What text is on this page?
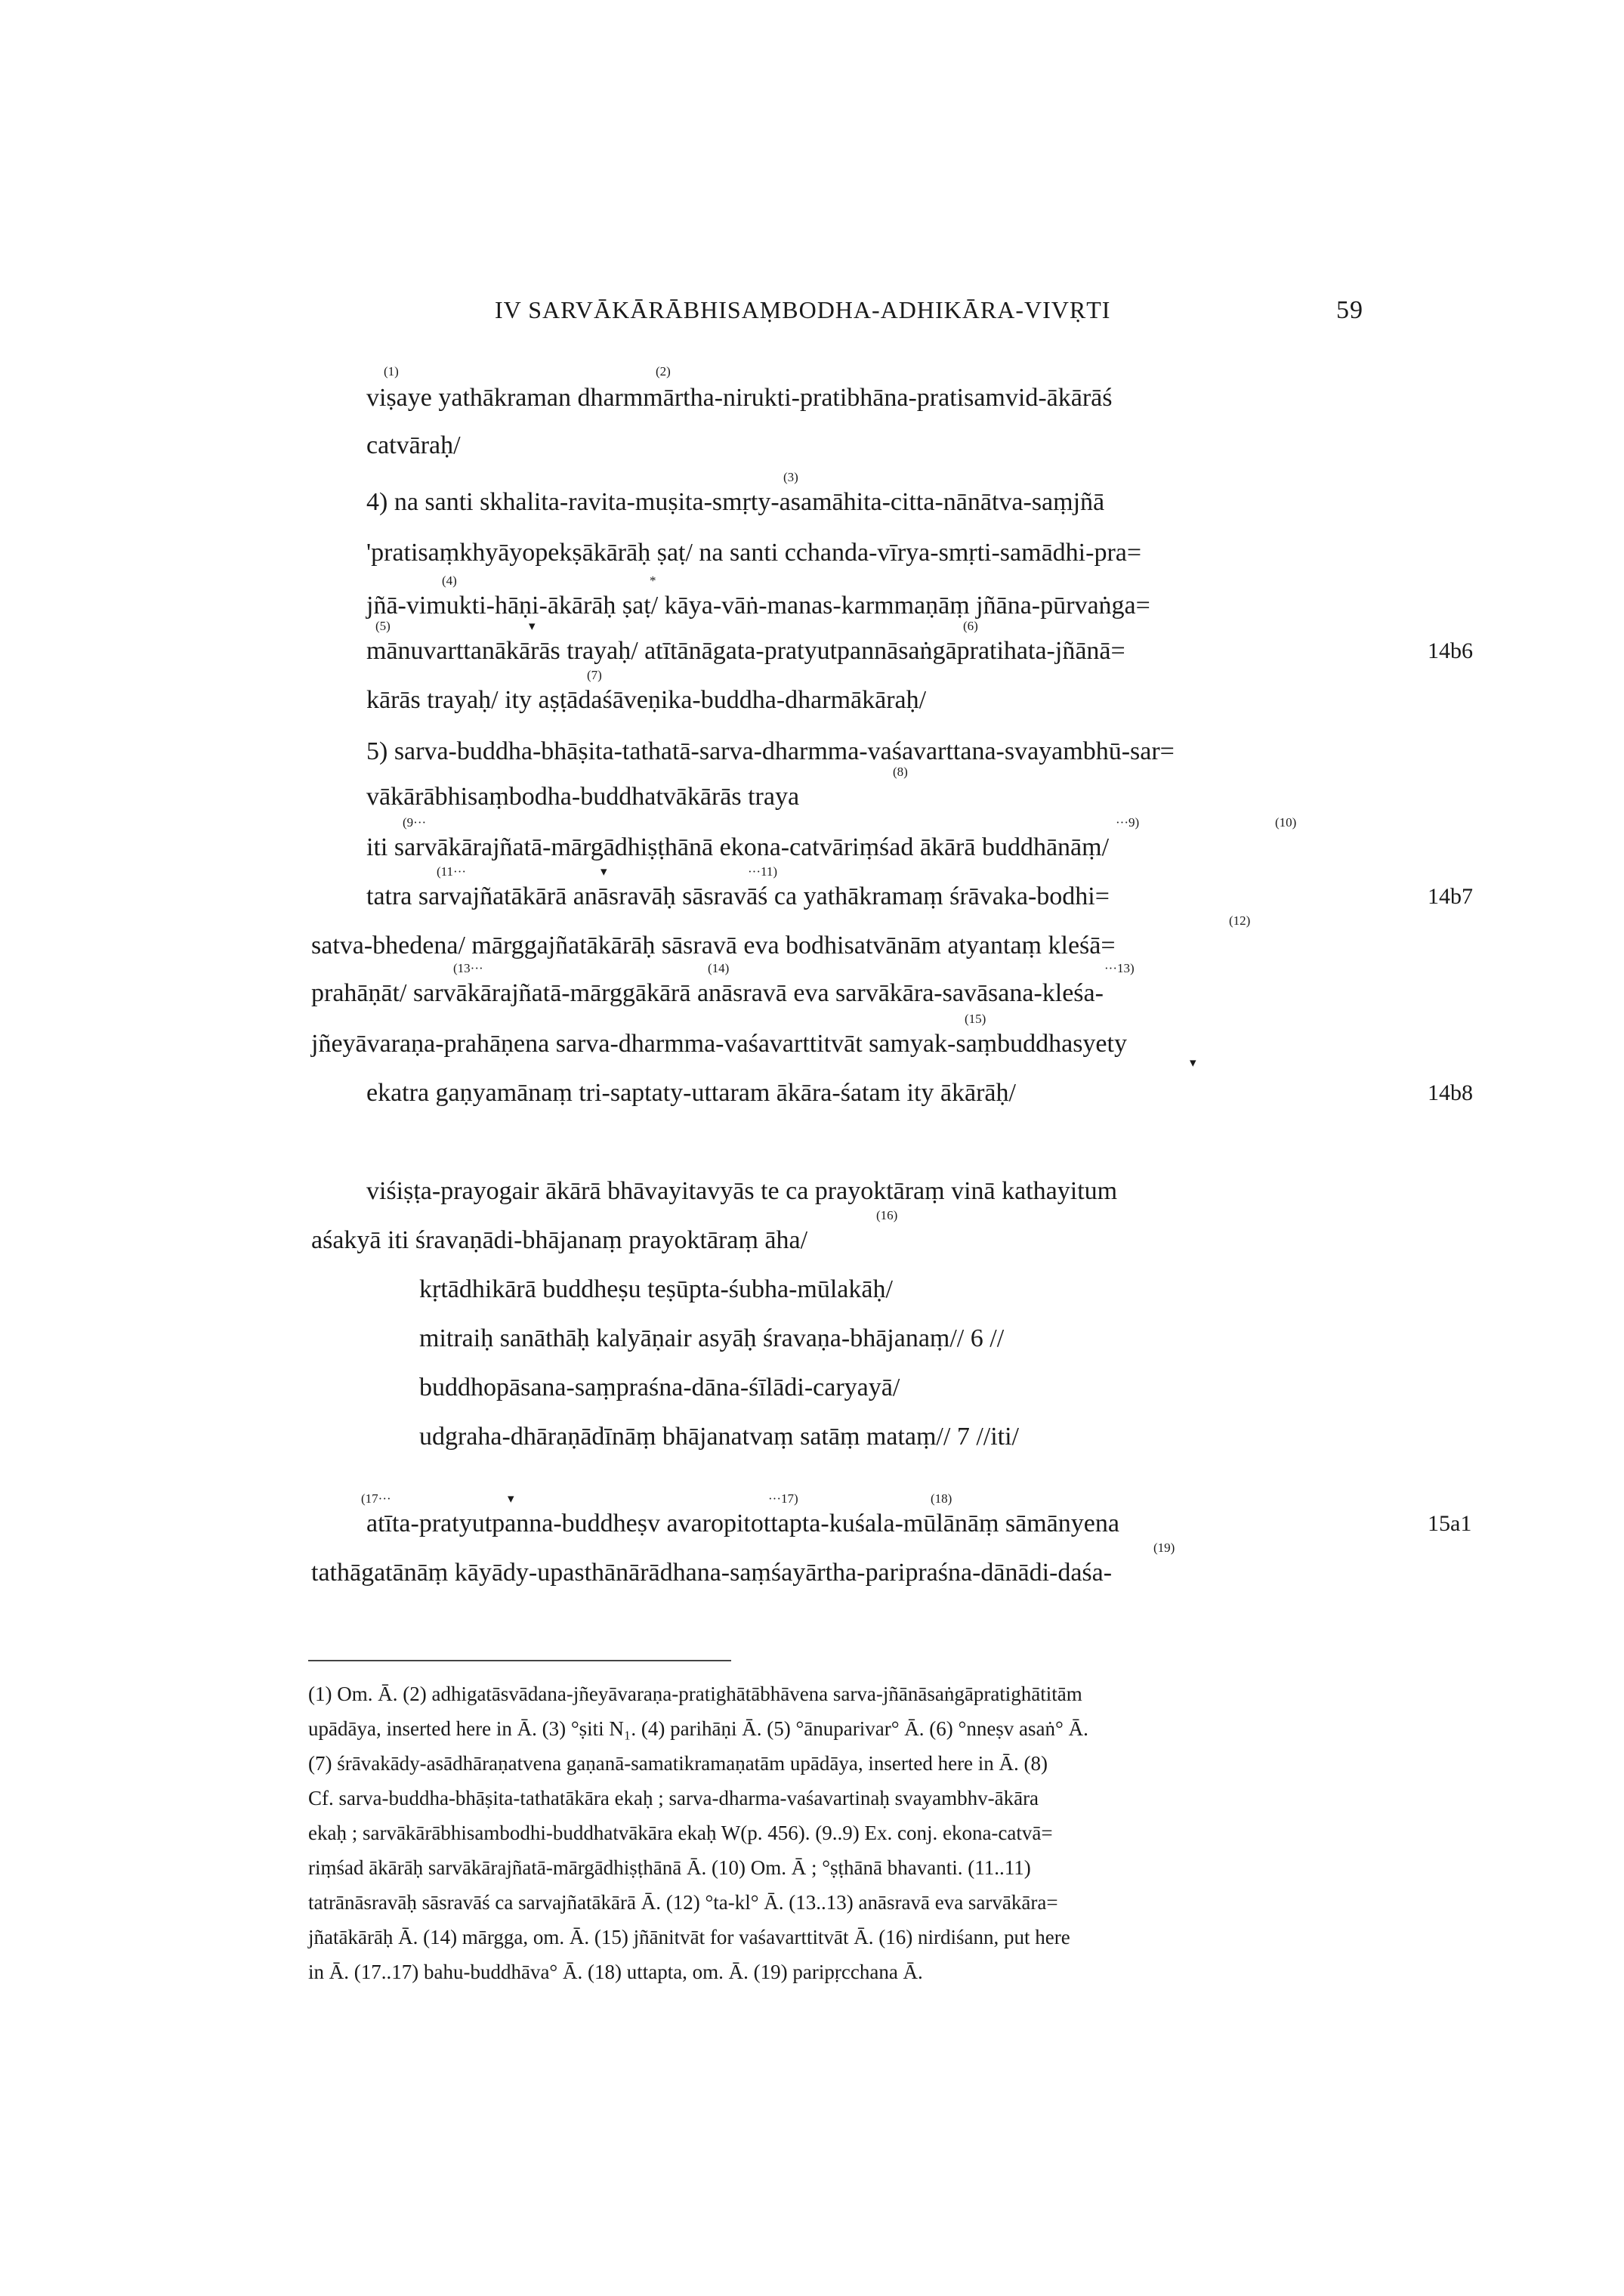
IV SARVĀKĀRĀBHISAṂBODHA-ADHIKĀRA-VIVṚTI	59
viṣaye yathākraman dharmmārtha-nirukti-pratibhāna-pratisamvid-ākārāś
catvāraḥ/
4) na santi skhalita-ravita-muṣita-smṛty-asamāhita-citta-nānātva-saṃjñā
'pratisaṃkhyāyopekṣākārāḥ ṣaṭ/ na santi cchanda-vīrya-smṛti-samādhi-pra=
jñā-vimukti-hāṇi-ākārāḥ ṣaṭ/ kāya-vāṅ-manas-karmmaṇāṃ jñāna-pūrvaṅga=
mānuvarttanākārās trayaḥ/ atītānāgata-pratyutpannāsaṅgāpratihata-jñānā=
kārās trayaḥ/ ity aṣṭādaśāveṇika-buddha-dharmākāraḥ/
5) sarva-buddha-bhāṣita-tathatā-sarva-dharmma-vaśavarttana-svayambhū-sar=
vākārābhisaṃbodha-buddhatvākārās traya
iti sarvākārajñatā-mārgādhiṣṭhānā ekona-catvāriṃśad ākārā buddhānāṃ/
tatra sarvajñatākārā anāsravāḥ sāsravāś ca yathākramaṃ śrāvaka-bodhi=
satva-bhedena/ mārggajñatākārāḥ sāsravā eva bodhisatvānām atyantaṃ kleśā=
prahāṇāt/ sarvākārajñatā-mārggākārā anāsravā eva sarvākāra-savāsana-kleśa-
jñeyāvaraṇa-prahāṇena sarva-dharmma-vaśavarttitvāt samyak-saṃbuddhasyety
ekatra gaṇyamānaṃ tri-saptaty-uttaram ākāra-śatam ity ākārāḥ/
viśiṣṭa-prayogair ākārā bhāvayitavyās te ca prayoktāraṃ vinā kathayitum
aśakyā iti śravaṇādi-bhājanaṃ prayoktāraṃ āha/
kṛtādhikārā buddheṣu teṣūpta-śubha-mūlakāḥ/
mitraiḥ sanāthāḥ kalyāṇair asyāḥ śravaṇa-bhājanaṃ// 6 //
buddhopāsana-saṃpraśna-dāna-śīlādi-caryayā/
udgraha-dhāraṇādīnāṃ bhājanatvaṃ satāṃ mataṃ// 7 //iti/
atīta-pratyutpanna-buddheṣv avaropitottapta-kuśala-mūlānāṃ sāmānyena
tathāgatānāṃ kāyādy-upasthānārādhana-saṃśayārtha-paripraśna-dānādi-daśa-
(1)	(2)
(3)
(4)	*
(5)	▾	(6)
(7)
(8)
(9···	···9)	(10)
(11···	▾	···11)
(12)
(13···	(14)	···13)
(15)
▾
(16)
(17···	▾	···17)	(18)
(19)
14b6
14b7
14b8
15a1
(1) Om. Ā. (2) adhigatāsvādana-jñeyāvaraṇa-pratighātābhāvena sarva-jñānāsaṅgāpratighātitām
upādāya, inserted here in Ā. (3) °ṣiti N₁. (4) parihāṇi Ā. (5) °ānuparivar° Ā. (6) °nneṣv asaṅ° Ā.
(7) śrāvakādy-asādhāraṇatvena gaṇanā-samatikramaṇatām upādāya, inserted here in Ā. (8)
Cf. sarva-buddha-bhāṣita-tathatākāra ekaḥ ; sarva-dharma-vaśavartinaḥ svayambhv-ākāra
ekaḥ ; sarvākārābhisambodhi-buddhatvākāra ekaḥ W(p. 456). (9..9) Ex. conj. ekona-catvā=
riṃśad ākārāḥ sarvākārajñatā-mārgādhiṣṭhānā Ā. (10) Om. Ā ; °ṣṭhānā bhavanti. (11..11)
tatrānāsravāḥ sāsravāś ca sarvajñatākārā Ā. (12) °ta-kl° Ā. (13..13) anāsravā eva sarvākāra=
jñatākārāḥ Ā. (14) mārgga, om. Ā. (15) jñānitvāt for vaśavarttitvāt Ā. (16) nirdiśann, put here
in Ā. (17..17) bahu-buddhāva° Ā. (18) uttapta, om. Ā. (19) paripṛcchana Ā.
